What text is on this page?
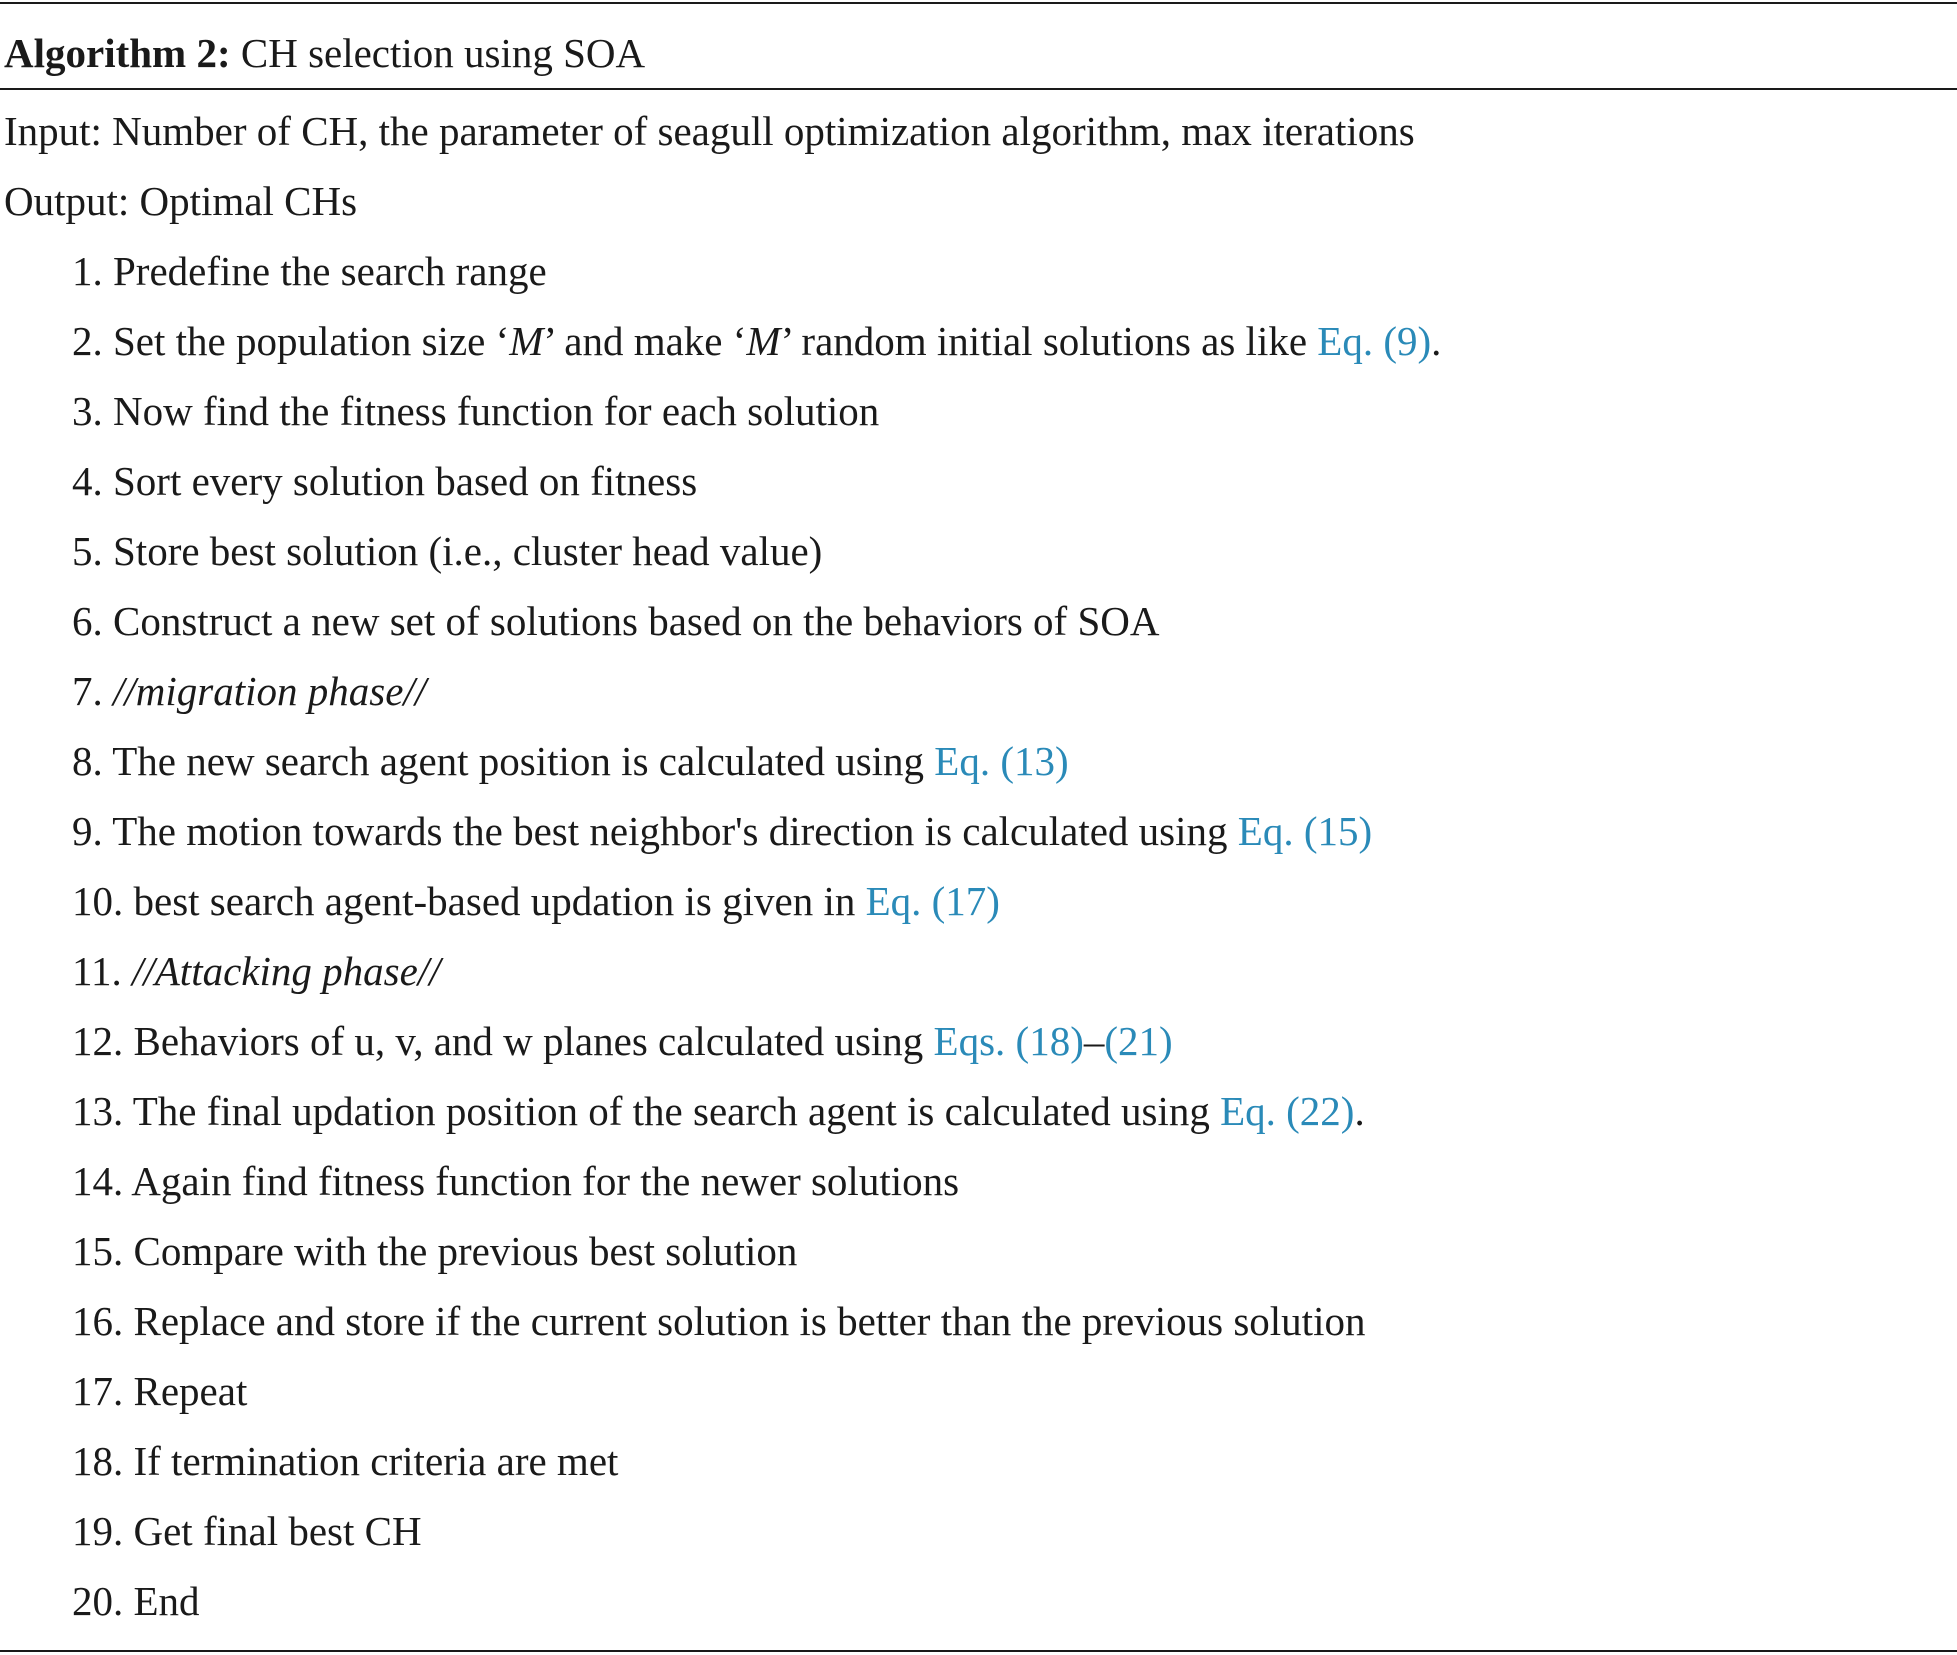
Algorithm 2: CH selection using SOA
Input: Number of CH, the parameter of seagull optimization algorithm, max iterations
Output: Optimal CHs
1. Predefine the search range
2. Set the population size ‘M’ and make ‘M’ random initial solutions as like Eq. (9).
3. Now find the fitness function for each solution
4. Sort every solution based on fitness
5. Store best solution (i.e., cluster head value)
6. Construct a new set of solutions based on the behaviors of SOA
7. //migration phase//
8. The new search agent position is calculated using Eq. (13)
9. The motion towards the best neighbor's direction is calculated using Eq. (15)
10. best search agent-based updation is given in Eq. (17)
11. //Attacking phase//
12. Behaviors of u, v, and w planes calculated using Eqs. (18)–(21)
13. The final updation position of the search agent is calculated using Eq. (22).
14. Again find fitness function for the newer solutions
15. Compare with the previous best solution
16. Replace and store if the current solution is better than the previous solution
17. Repeat
18. If termination criteria are met
19. Get final best CH
20. End
